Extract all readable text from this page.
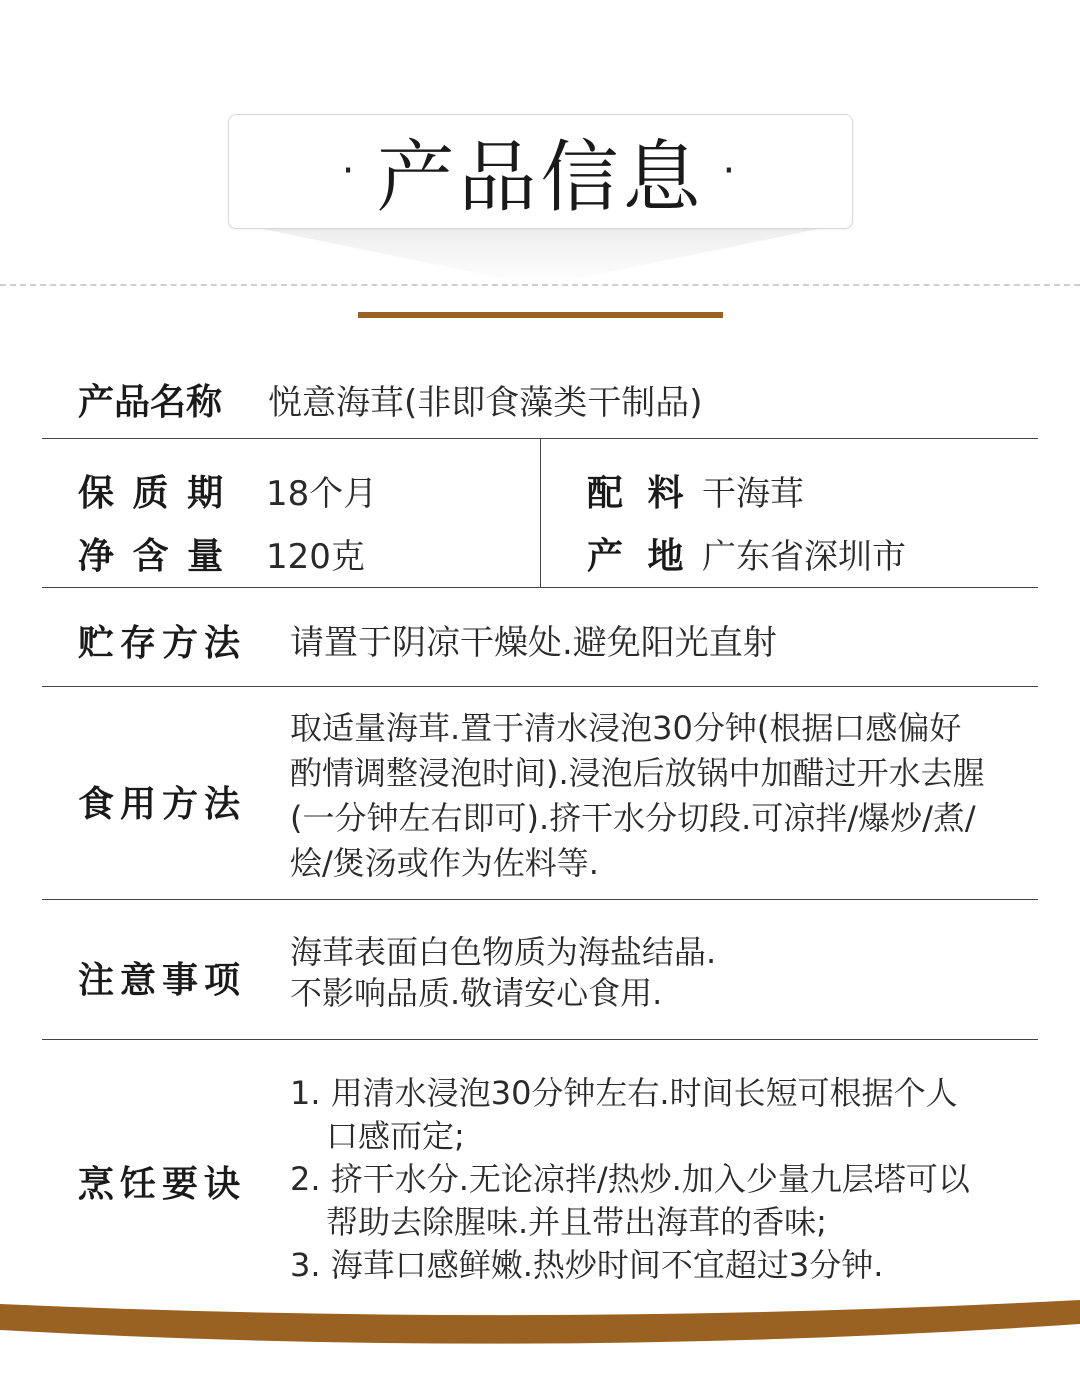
· 产品信息 ·
产品名称 悦意海茸(非即食藻类干制品)
保 质 期 18个月	配 料 干海茸
净 含 量 120克	产 地 广东省深圳市
贮存方法 请置于阴凉干燥处.避免阳光直射
食用方法
取适量海茸.置于清水浸泡30分钟(根据口感偏好
酌情调整浸泡时间).浸泡后放锅中加醋过开水去腥
(一分钟左右即可).挤干水分切段.可凉拌/爆炒/煮/
烩/煲汤或作为佐料等.
注意事项
海茸表面白色物质为海盐结晶.
不影响品质.敬请安心食用.
烹饪要诀
1. 用清水浸泡30分钟左右.时间长短可根据个人
口感而定;
2. 挤干水分.无论凉拌/热炒.加入少量九层塔可以
帮助去除腥味.并且带出海茸的香味;
3. 海茸口感鲜嫩.热炒时间不宜超过3分钟.
